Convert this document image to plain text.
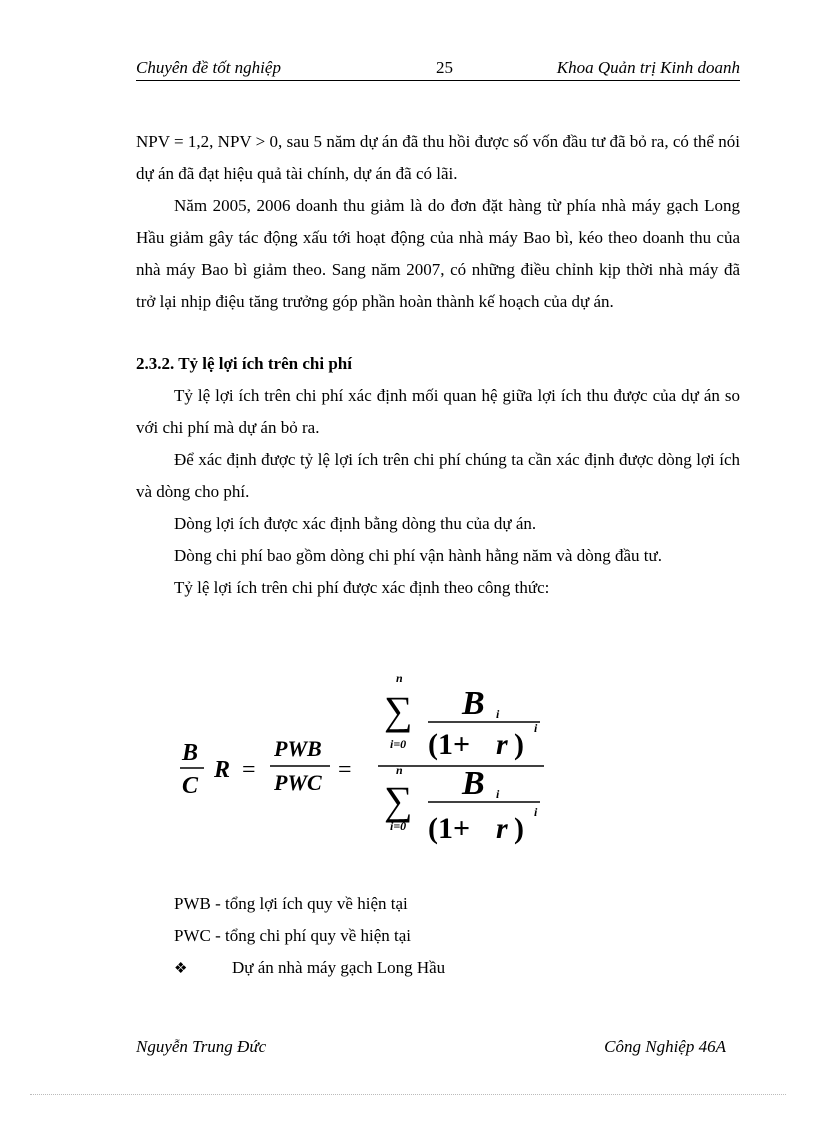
Chuyên đề tốt nghiệp	25	Khoa Quản trị Kinh doanh

NPV = 1,2, NPV > 0, sau 5 năm dự án đã thu hồi được số vốn đầu tư đã bỏ ra, có thể nói dự án đã đạt hiệu quả tài chính, dự án đã có lãi.

Năm 2005, 2006 doanh thu giảm là do đơn đặt hàng từ phía nhà máy gạch Long Hầu giảm gây tác động xấu tới hoạt động của nhà máy Bao bì, kéo theo doanh thu của nhà máy Bao bì giảm theo. Sang năm 2007, có những điều chỉnh kịp thời nhà máy đã trở lại nhịp điệu tăng trưởng góp phần hoàn thành kế hoạch của dự án.

2.3.2. Tỷ lệ lợi ích trên chi phí

Tỷ lệ lợi ích trên chi phí xác định mối quan hệ giữa lợi ích thu được của dự án so với chi phí mà dự án bỏ ra.

Để xác định được tỷ lệ lợi ích trên chi phí chúng ta cần xác định được dòng lợi ích và dòng cho phí.

Dòng lợi ích được xác định bằng dòng thu của dự án.

Dòng chi phí bao gồm dòng chi phí vận hành hằng năm và dòng đầu tư.

Tỷ lệ lợi ích trên chi phí được xác định theo công thức:

B
C
R =
PWB
PWC =
n
∑
i=0
B i
(1+ r ) i
n
∑
i=0
B i
(1+ r ) i
PWB - tổng lợi ích quy về hiện tại
PWC - tổng chi phí quy về hiện tại
❖	Dự án nhà máy gạch Long Hầu
Nguyễn Trung Đức	Công Nghiệp 46A
